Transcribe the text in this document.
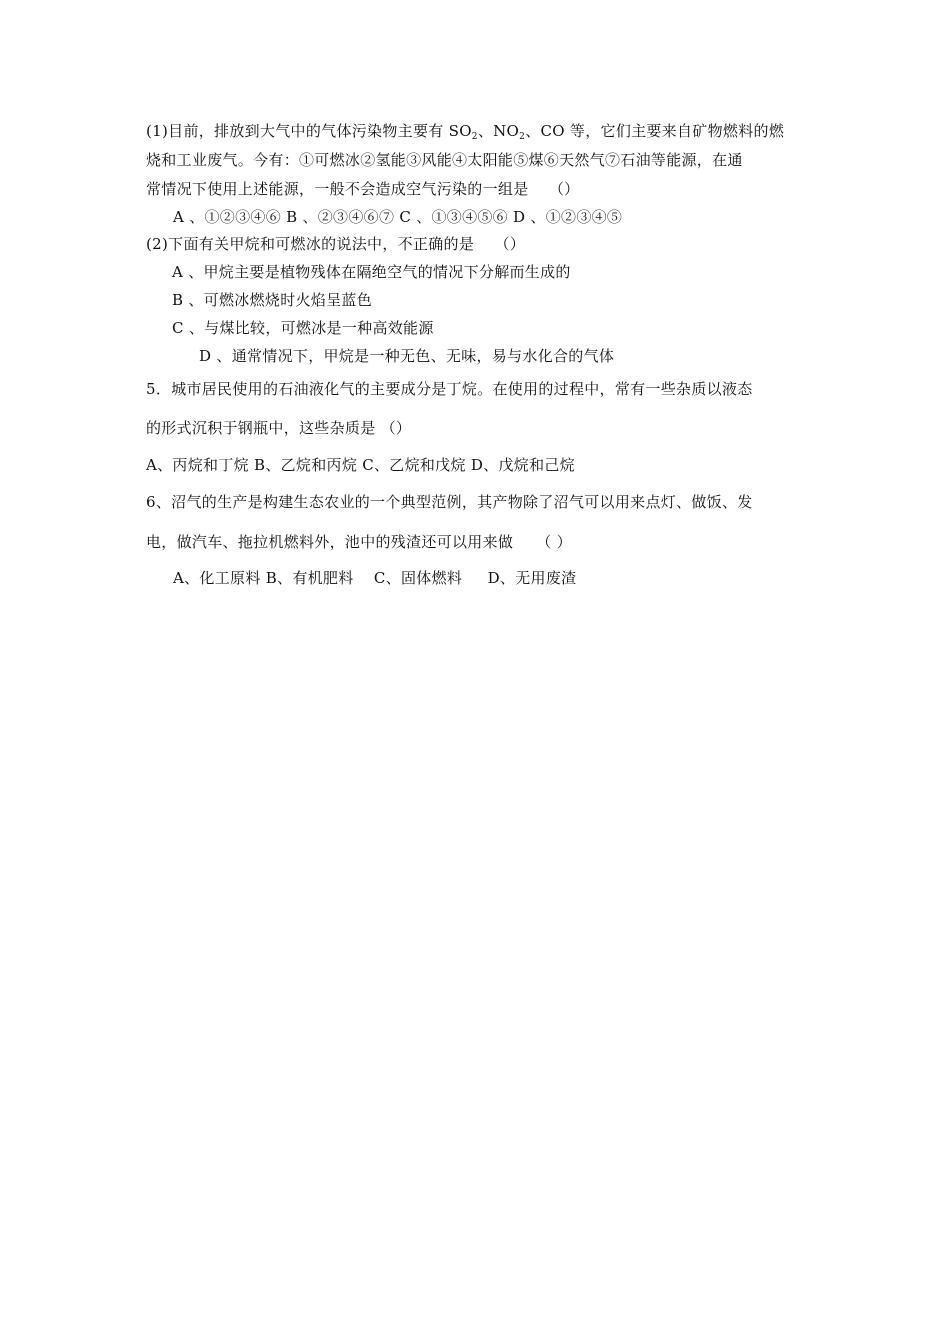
(1)目前，排放到大气中的气体污染物主要有 $SO_2$、$NO_2$、CO 等，它们主要来自矿物燃料的燃
烧和工业废气。今有：①可燃冰②氢能③风能④太阳能⑤煤⑥天然气⑦石油等能源，在通
常情况下使用上述能源，一般不会造成空气污染的一组是　 （）
A 、①②③④⑥ B 、②③④⑥⑦ C 、①③④⑤⑥ D 、①②③④⑤
(2)下面有关甲烷和可燃冰的说法中，不正确的是　 （）
A 、甲烷主要是植物残体在隔绝空气的情况下分解而生成的
B 、可燃冰燃烧时火焰呈蓝色
C 、与煤比较，可燃冰是一种高效能源
D 、通常情况下，甲烷是一种无色、无味，易与水化合的气体
5．城市居民使用的石油液化气的主要成分是丁烷。在使用的过程中，常有一些杂质以液态
的形式沉积于钢瓶中，这些杂质是 （）
A、丙烷和丁烷 B、乙烷和丙烷 C、乙烷和戊烷 D、戊烷和己烷
6、沼气的生产是构建生态农业的一个典型范例，其产物除了沼气可以用来点灯、做饭、发
电，做汽车、拖拉机燃料外，池中的残渣还可以用来做　　（ ）
A、化工原料 B、有机肥料　 C、固体燃料 　 D、无用废渣
